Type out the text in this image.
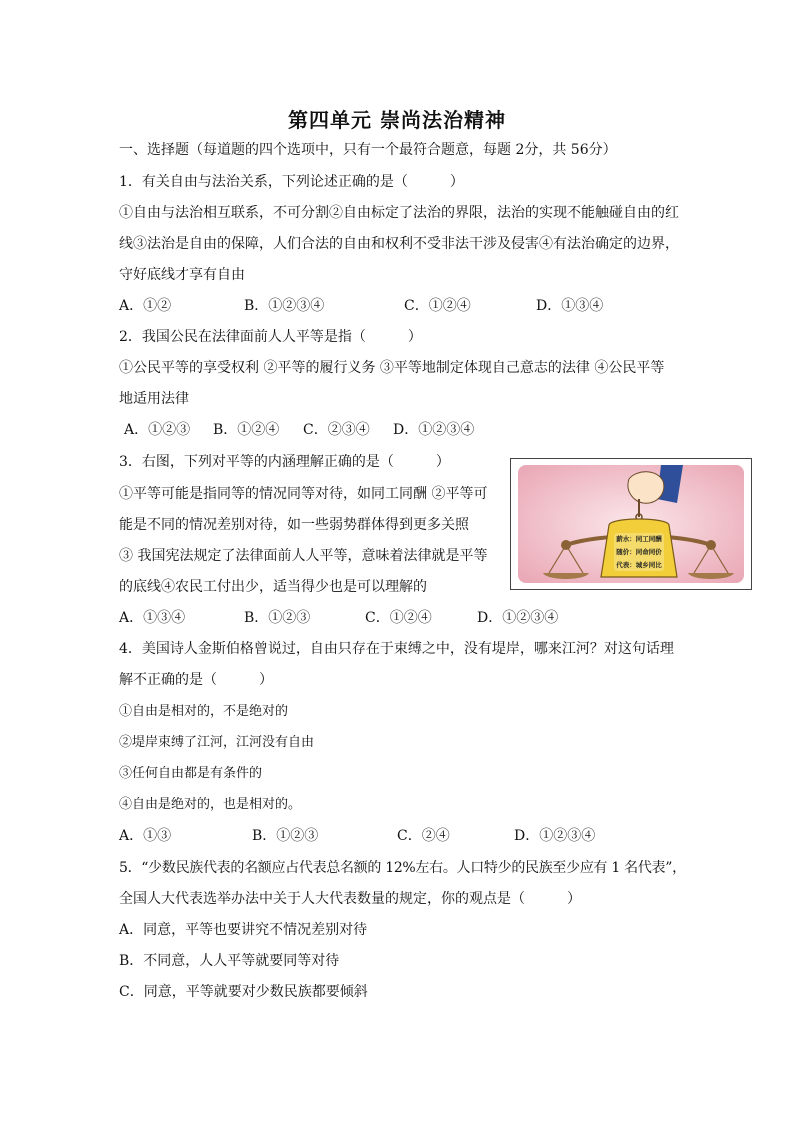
第四单元 崇尚法治精神
一、选择题（每道题的四个选项中，只有一个最符合题意，每题 2分，共 56分）
1．有关自由与法治关系，下列论述正确的是（　　　）
①自由与法治相互联系，不可分割②自由标定了法治的界限，法治的实现不能触碰自由的红
线③法治是自由的保障，人们合法的自由和权利不受非法干涉及侵害④有法治确定的边界，
守好底线才享有自由
A．①②	B．①②③④	C．①②④	D．①③④
2．我国公民在法律面前人人平等是指（　　　）
①公民平等的享受权利 ②平等的履行义务 ③平等地制定体现自己意志的法律 ④公民平等
地适用法律
A．①②③ B．①②④ C．②③④ D．①②③④
3．右图，下列对平等的内涵理解正确的是（　　　）
①平等可能是指同等的情况同等对待，如同工同酬 ②平等可
能是不同的情况差别对待，如一些弱势群体得到更多关照
③ 我国宪法规定了法律面前人人平等，意味着法律就是平等
的底线④农民工付出少，适当得少也是可以理解的
A．①③④	B．①②③	C．①②④	D．①②③④
薪水：同工同酬
随价：同命同价
代表：城乡同比
4．美国诗人金斯伯格曾说过，自由只存在于束缚之中，没有堤岸，哪来江河？对这句话理
解不正确的是（　　　）
①自由是相对的，不是绝对的
②堤岸束缚了江河，江河没有自由
③任何自由都是有条件的
④自由是绝对的，也是相对的。
A．①③	B．①②③	C．②④	D．①②③④
5．“少数民族代表的名额应占代表总名额的 12%左右。人口特少的民族至少应有 1 名代表”，
全国人大代表选举办法中关于人大代表数量的规定，你的观点是（　　　）
A．同意，平等也要讲究不情况差别对待
B．不同意，人人平等就要同等对待
C．同意，平等就要对少数民族都要倾斜
